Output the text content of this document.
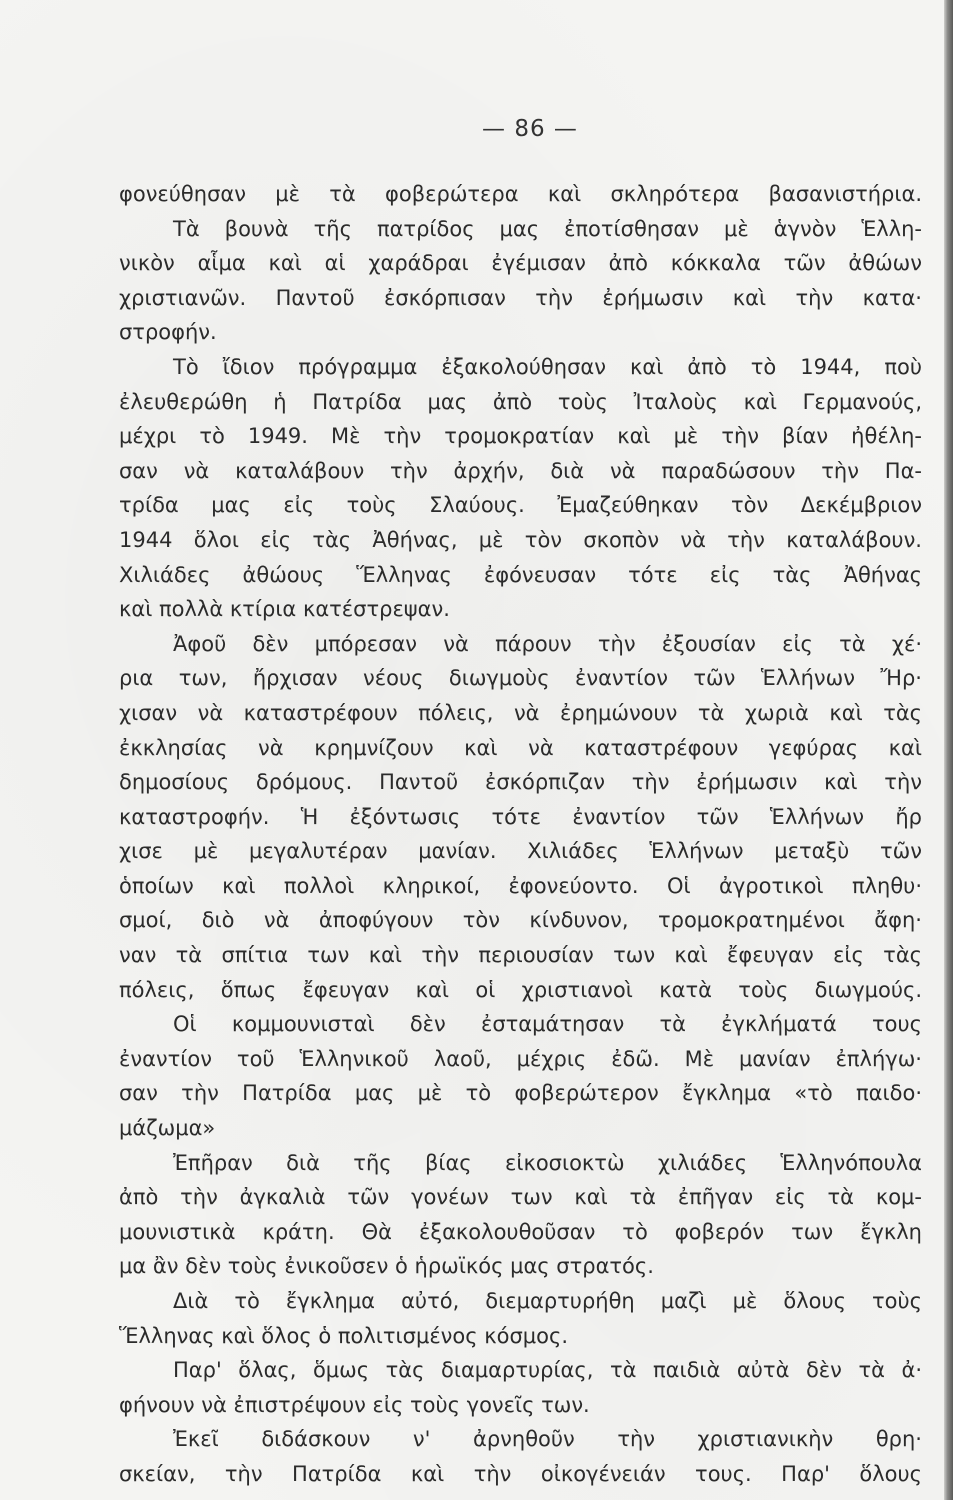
— 86 —
φονεύθησαν μὲ τὰ φοβερώτερα καὶ σκληρότερα βασανιστήρια.
Τὰ βουνὰ τῆς πατρίδος μας ἐποτίσθησαν μὲ ἁγνὸν Ἑλλη-
νικὸν αἷμα καὶ αἱ χαράδραι ἐγέμισαν ἀπὸ κόκκαλα τῶν ἀθώων
χριστιανῶν. Παντοῦ ἐσκόρπισαν τὴν ἐρήμωσιν καὶ τὴν κατα·
στροφήν.
Τὸ ἴδιον πρόγραμμα ἐξακολούθησαν καὶ ἀπὸ τὸ 1944, ποὺ
ἐλευθερώθη ἡ Πατρίδα μας ἀπὸ τοὺς Ἰταλοὺς καὶ Γερμανούς,
μέχρι τὸ 1949. Μὲ τὴν τρομοκρατίαν καὶ μὲ τὴν βίαν ἠθέλη-
σαν νὰ καταλάβουν τὴν ἀρχήν, διὰ νὰ παραδώσουν τὴν Πα-
τρίδα μας εἰς τοὺς Σλαύους. Ἐμαζεύθηκαν τὸν Δεκέμβριον
1944 ὅλοι εἰς τὰς Ἀθήνας, μὲ τὸν σκοπὸν νὰ τὴν καταλάβουν.
Χιλιάδες ἀθώους Ἕλληνας ἐφόνευσαν τότε εἰς τὰς Ἀθήνας
καὶ πολλὰ κτίρια κατέστρεψαν.
Ἀφοῦ δὲν μπόρεσαν νὰ πάρουν τὴν ἐξουσίαν εἰς τὰ χέ·
ρια των, ἤρχισαν νέους διωγμοὺς ἐναντίον τῶν Ἑλλήνων Ἤρ·
χισαν νὰ καταστρέφουν πόλεις, νὰ ἐρημώνουν τὰ χωριὰ καὶ τὰς
ἐκκλησίας νὰ κρημνίζουν καὶ νὰ καταστρέφουν γεφύρας καὶ
δημοσίους δρόμους. Παντοῦ ἐσκόρπιζαν τὴν ἐρήμωσιν καὶ τὴν
καταστροφήν. Ἡ ἐξόντωσις τότε ἐναντίον τῶν Ἑλλήνων ἤρ
χισε μὲ μεγαλυτέραν μανίαν. Χιλιάδες Ἑλλήνων μεταξὺ τῶν
ὁποίων καὶ πολλοὶ κληρικοί, ἐφονεύοντο. Οἱ ἀγροτικοὶ πληθυ·
σμοί, διὸ νὰ ἀποφύγουν τὸν κίνδυνον, τρομοκρατημένοι ἄφη·
ναν τὰ σπίτια των καὶ τὴν περιουσίαν των καὶ ἔφευγαν εἰς τὰς
πόλεις, ὅπως ἔφευγαν καὶ οἱ χριστιανοὶ κατὰ τοὺς διωγμούς.
Οἱ κομμουνισταὶ δὲν ἐσταμάτησαν τὰ ἐγκλήματά τους
ἐναντίον τοῦ Ἑλληνικοῦ λαοῦ, μέχρις ἐδῶ. Μὲ μανίαν ἐπλήγω·
σαν τὴν Πατρίδα μας μὲ τὸ φοβερώτερον ἔγκλημα «τὸ παιδο·
μάζωμα»
Ἐπῆραν διὰ τῆς βίας εἰκοσιοκτὼ χιλιάδες Ἑλληνόπουλα
ἀπὸ τὴν ἀγκαλιὰ τῶν γονέων των καὶ τὰ ἐπῆγαν εἰς τὰ κομ-
μουνιστικὰ κράτη. Θὰ ἐξακολουθοῦσαν τὸ φοβερόν των ἔγκλη
μα ἂν δὲν τοὺς ἐνικοῦσεν ὁ ἡρωϊκός μας στρατός.
Διὰ τὸ ἔγκλημα αὐτό, διεμαρτυρήθη μαζὶ μὲ ὅλους τοὺς
Ἕλληνας καὶ ὅλος ὁ πολιτισμένος κόσμος.
Παρ' ὅλας, ὅμως τὰς διαμαρτυρίας, τὰ παιδιὰ αὐτὰ δὲν τὰ ἀ·
φήνουν νὰ ἐπιστρέψουν εἰς τοὺς γονεῖς των.
Ἐκεῖ διδάσκουν ν' ἀρνηθοῦν τὴν χριστιανικὴν θρη·
σκείαν, τὴν Πατρίδα καὶ τὴν οἰκογένειάν τους. Παρ' ὅλους
